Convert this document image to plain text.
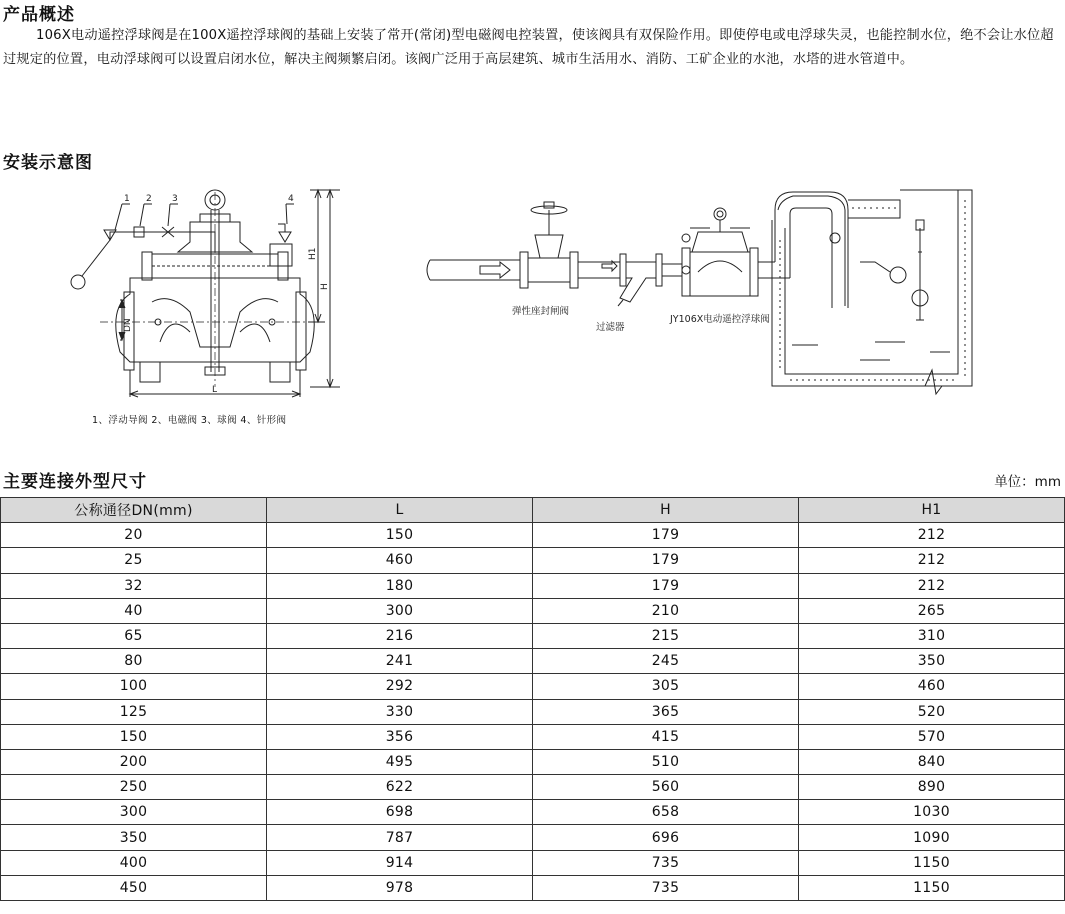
产品概述
106X电动遥控浮球阀是在100X遥控浮球阀的基础上安装了常开(常闭)型电磁阀电控装置，使该阀具有双保险作用。即使停电或电浮球失灵，也能控制水位，绝不会让水位超过规定的位置，电动浮球阀可以设置启闭水位，解决主阀频繁启闭。该阀广泛用于高层建筑、城市生活用水、消防、工矿企业的水池，水塔的进水管道中。
安装示意图
1 2 3	4
H1
H
DN
L
1、浮动导阀 2、电磁阀 3、球阀 4、针形阀
弹性座封闸阀
过滤器
JY106X电动遥控浮球阀
主要连接外型尺寸	单位：mm
公称通径DN(mm)	L	H	H1
20	150	179	212
25	460	179	212
32	180	179	212
40	300	210	265
65	216	215	310
80	241	245	350
100	292	305	460
125	330	365	520
150	356	415	570
200	495	510	840
250	622	560	890
300	698	658	1030
350	787	696	1090
400	914	735	1150
450	978	735	1150
